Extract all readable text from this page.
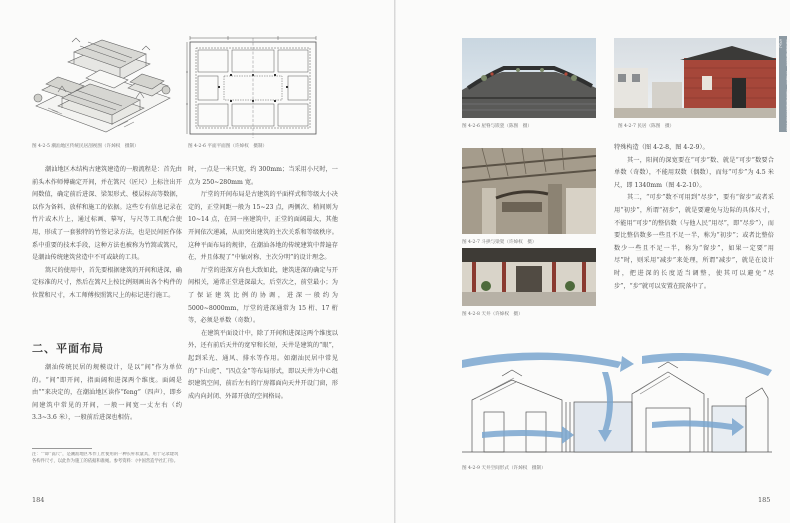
图 4-2-5 潮汕地区传统民居剖视图（许焯权　摄制）	图 4-2-6 平面平面图（许焯权　摄制）

潮汕地区木结构古建筑建造的一般流程是：首先由前头木作师傅确定开间，并在篙尺（匠尺）上标注出开间数值，确定前后进深、梁架形式、楼层标高等数据，以作为备料、放样和施工的依据。这些专有信息记录在竹片或木片上，通过标画、摹写，与尺等工具配合使用，形成了一套独特的竹签记录方法，也是民间匠作体系中重要的技术手段，这种方法也被称为竹篙或篙尺，是潮汕传统建筑营造中不可或缺的工具。

篙尺的使用中，首先要根据建筑的开间和进深，确定标准的尺寸，然后在篙尺上按比例刻画出各个构件的位置和尺寸，木工师傅按照篙尺上的标记进行施工。

二、平面布局

潮汕传统民居的规模设计，是以“间”作为单位的。“间”即开间，指面阔和进深两个维度。面阔是由“”来决定的，在潮汕地区读作“feng”（四声），即乡间建筑中常见的开间，一般一间宽一丈左右（约 3.3~3.6 米），一般前后进深也相仿。

注：“”即“篙尺”，是潮汕地区木作工匠使用的一种长杆状量具，用于记录建筑各构件尺寸，以此作为施工的依据和准绳。参考资料：《中国营造学社汇刊》。

时，一点是一米只宽，约 300mm；当采用小尺时，一点为 250~280mm 宽。

厅堂的开间布局是古建筑的平面样式和等级大小决定的，正堂间距一般为 15~23 点，两侧次、稍间则为 10~14 点，在同一座建筑中，正堂的面阔最大，其他开间依次递减，从而突出建筑的主次关系和等级秩序。这种平面布局的规律，在潮汕各地的传统建筑中普遍存在，并且体现了“中轴对称、主次分明”的设计理念。

厅堂的进深方向也大致如此，建筑进深的确定与开间相关，通常正堂进深最大，后堂次之，前堂最小；为了保证建筑比例的协调，进深一般约为 5000~8000mm，厅堂的进深通常为 15 桁、17 桁等，必须是单数（奇数）。

在建筑平面设计中，除了开间和进深这两个维度以外，还有前后天井的宽窄和长短，天井是建筑的“眼”，起到采光、通风、排水等作用。如潮汕民居中常见的“下山虎”、“四点金”等布局形式，即以天井为中心组织建筑空间，前后左右的厅房都面向天井开设门窗，形成内向封闭、外部开放的空间格局。

184
图 4-2-6 屋脊与嵌瓷（陈图　摄）	图 4-2-7 民居（陈图　摄）
图 4-2-7 斗拱与梁架（许焯权　摄）
图 4-2-8 天井（许焯权　摄）

特殊构造（图 4-2-8，图 4-2-9）。

其一，阳间的深宽要在“可步”数、就是“可步”数要合单数（奇数），不能用双数（偶数），而每“可步”为 4.5 米尺，即 1340mm（图 4-2-10）。

其二，“可步”数不可用到“尽步”，要有“留步”或者采用“初步”，所谓“初步”，就是要避免与边际的具体尺寸，不能用“可步”的整倍数（与他人民“用尽”，即“尽步”），而要比整倍数多一些且不足一半，称为“初步”；或者比整倍数少一些且不足一半，称为“留步”，如果一定要“用尽”时，则采用“减步”来处理，所谓“减步”，就是在设计时，把进深的长度适当调整，使其可以避免“尽步”，“步”就可以安置在院落中了。

图 4-2-9 天井空间形式（许焯权　摄制）
185
潮汕传统建筑　第四章　潮汕传统建筑的营造技艺
